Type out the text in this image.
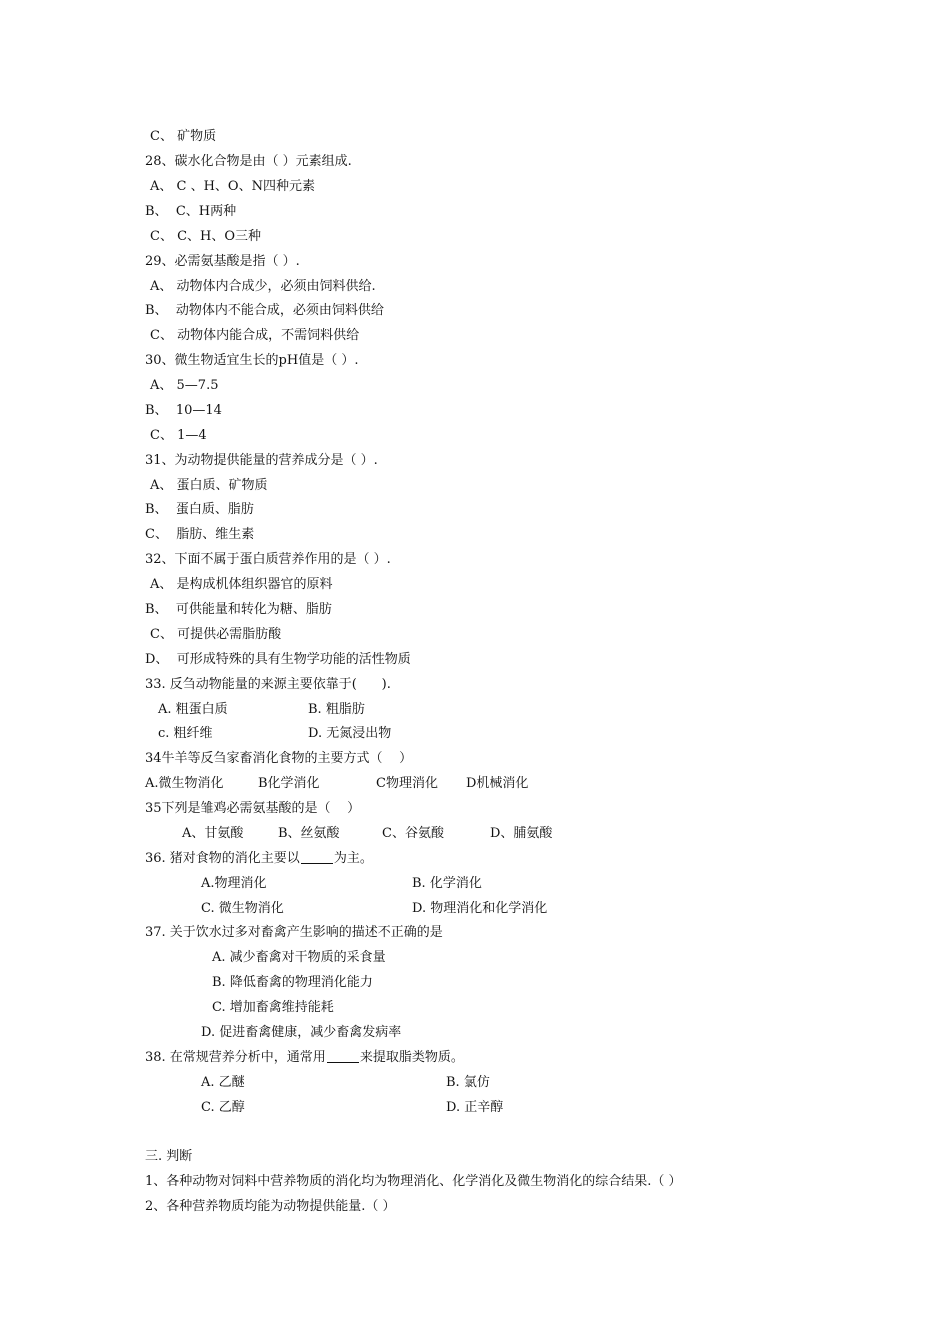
C、 矿物质
28、碳水化合物是由（ ）元素组成.
A、 C 、H、O、N四种元素
B、  C、H两种
C、 C、H、O三种
29、必需氨基酸是指（ ）.
A、 动物体内合成少，必须由饲料供给.
B、  动物体内不能合成，必须由饲料供给
C、 动物体内能合成，不需饲料供给
30、微生物适宜生长的pH值是（ ）.
A、 5—7.5
B、  10—14
C、 1—4
31、为动物提供能量的营养成分是（ ）.
A、 蛋白质、矿物质
B、  蛋白质、脂肪
C、  脂肪、维生素
32、下面不属于蛋白质营养作用的是（ ）.
A、 是构成机体组织器官的原料
B、  可供能量和转化为糖、脂肪
C、 可提供必需脂肪酸
D、  可形成特殊的具有生物学功能的活性物质
33. 反刍动物能量的来源主要依靠于(      ).
A. 粗蛋白质	B. 粗脂肪
c. 粗纤维	D. 无氮浸出物
34牛羊等反刍家畜消化食物的主要方式（    ）
A.微生物消化	B化学消化	C物理消化 D机械消化
35下列是雏鸡必需氨基酸的是（    ）
A、甘氨酸	B、丝氨酸	C、谷氨酸	D、脯氨酸
36. 猪对食物的消化主要以	为主。
A.物理消化	B. 化学消化
C. 微生物消化	D. 物理消化和化学消化
37. 关于饮水过多对畜禽产生影响的描述不正确的是
A. 减少畜禽对干物质的采食量
B. 降低畜禽的物理消化能力
C. 增加畜禽维持能耗
D. 促进畜禽健康，减少畜禽发病率
38. 在常规营养分析中，通常用	来提取脂类物质。
A. 乙醚	B. 氯仿
C. 乙醇	D. 正辛醇
三. 判断
1、各种动物对饲料中营养物质的消化均为物理消化、化学消化及微生物消化的综合结果.（ ）
2、各种营养物质均能为动物提供能量.（ ）
